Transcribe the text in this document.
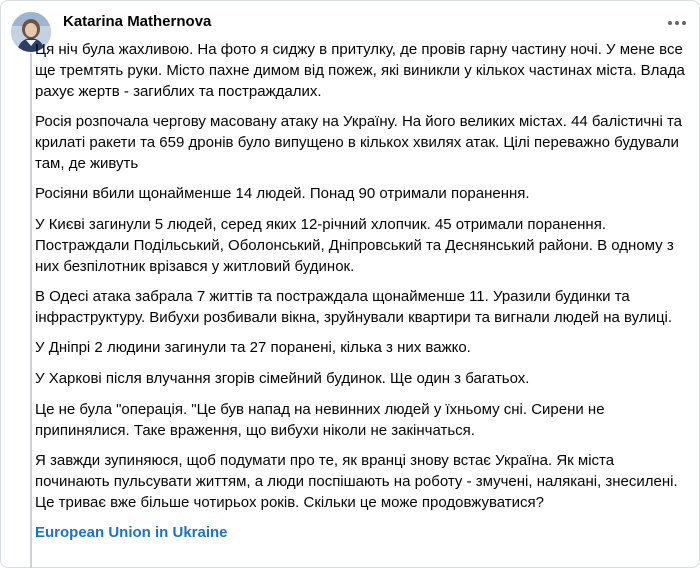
Katarina Mathernova

Ця ніч була жахливою. На фото я сиджу в притулку, де провів гарну частину ночі. У мене все ще тремтять руки. Місто пахне димом від пожеж, які виникли у кількох частинах міста. Влада рахує жертв - загиблих та постраждалих.

Росія розпочала чергову масовану атаку на Україну. На його великих містах. 44 балістичні та крилаті ракети та 659 дронів було випущено в кількох хвилях атак. Цілі переважно будували там, де живуть

Росіяни вбили щонайменше 14 людей. Понад 90 отримали поранення.

У Києві загинули 5 людей, серед яких 12-річний хлопчик. 45 отримали поранення. Постраждали Подільський, Оболонський, Дніпровський та Деснянський райони. В одному з них безпілотник врізався у житловий будинок.

В Одесі атака забрала 7 життів та постраждала щонайменше 11. Уразили будинки та інфраструктуру. Вибухи розбивали вікна, зруйнували квартири та вигнали людей на вулиці.

У Дніпрі 2 людини загинули та 27 поранені, кілька з них важко.

У Харкові після влучання згорів сімейний будинок. Ще один з багатьох.

Це не була "операція. "Це був напад на невинних людей у їхньому сні. Сирени не припинялися. Таке враження, що вибухи ніколи не закінчаться.

Я завжди зупиняюся, щоб подумати про те, як вранці знову встає Україна. Як міста починають пульсувати життям, а люди поспішають на роботу - змучені, налякані, знесилені. Це триває вже більше чотирьох років. Скільки це може продовжуватися?

European Union in Ukraine
